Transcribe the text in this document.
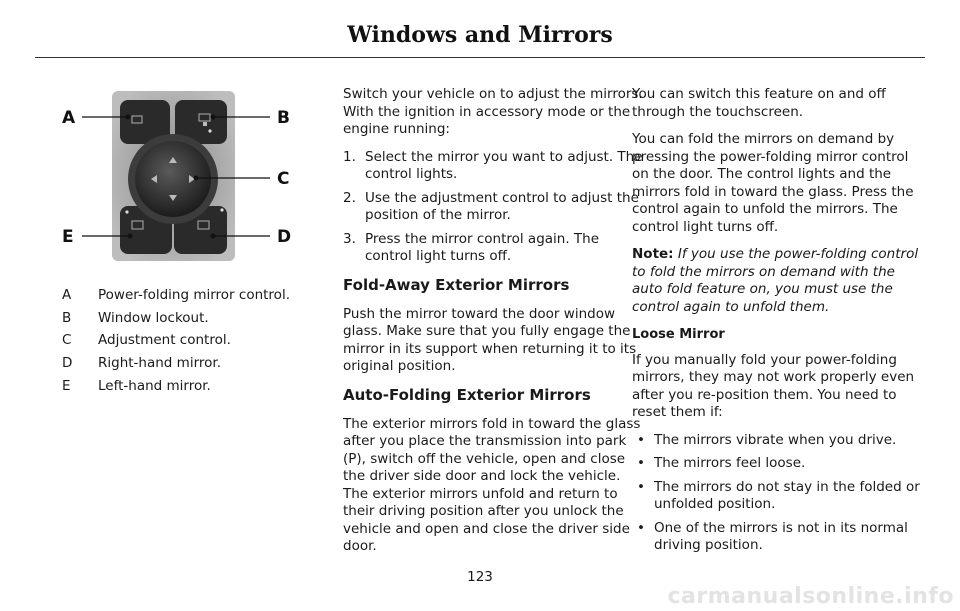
Windows and Mirrors
A	B
C
D
E
A	Power-folding mirror control.
B	Window lockout.
C	Adjustment control.
D	Right-hand mirror.
E	Left-hand mirror.

Switch your vehicle on to adjust the mirrors. With the ignition in accessory mode or the engine running:

1. Select the mirror you want to adjust. The control lights.
2. Use the adjustment control to adjust the position of the mirror.
3. Press the mirror control again. The control light turns off.
Fold-Away Exterior Mirrors

Push the mirror toward the door window glass. Make sure that you fully engage the mirror in its support when returning it to its original position.

Auto-Folding Exterior Mirrors

The exterior mirrors fold in toward the glass after you place the transmission into park (P), switch off the vehicle, open and close the driver side door and lock the vehicle. The exterior mirrors unfold and return to their driving position after you unlock the vehicle and open and close the driver side door.

You can switch this feature on and off through the touchscreen.

You can fold the mirrors on demand by pressing the power-folding mirror control on the door. The control lights and the mirrors fold in toward the glass. Press the control again to unfold the mirrors. The control light turns off.

Note: If you use the power-folding control to fold the mirrors on demand with the auto fold feature on, you must use the control again to unfold them.

Loose Mirror

If you manually fold your power-folding mirrors, they may not work properly even after you re-position them. You need to reset them if:

• The mirrors vibrate when you drive.
• The mirrors feel loose.
• The mirrors do not stay in the folded or unfolded position.
• One of the mirrors is not in its normal driving position.
123
carmanualsonline.info
